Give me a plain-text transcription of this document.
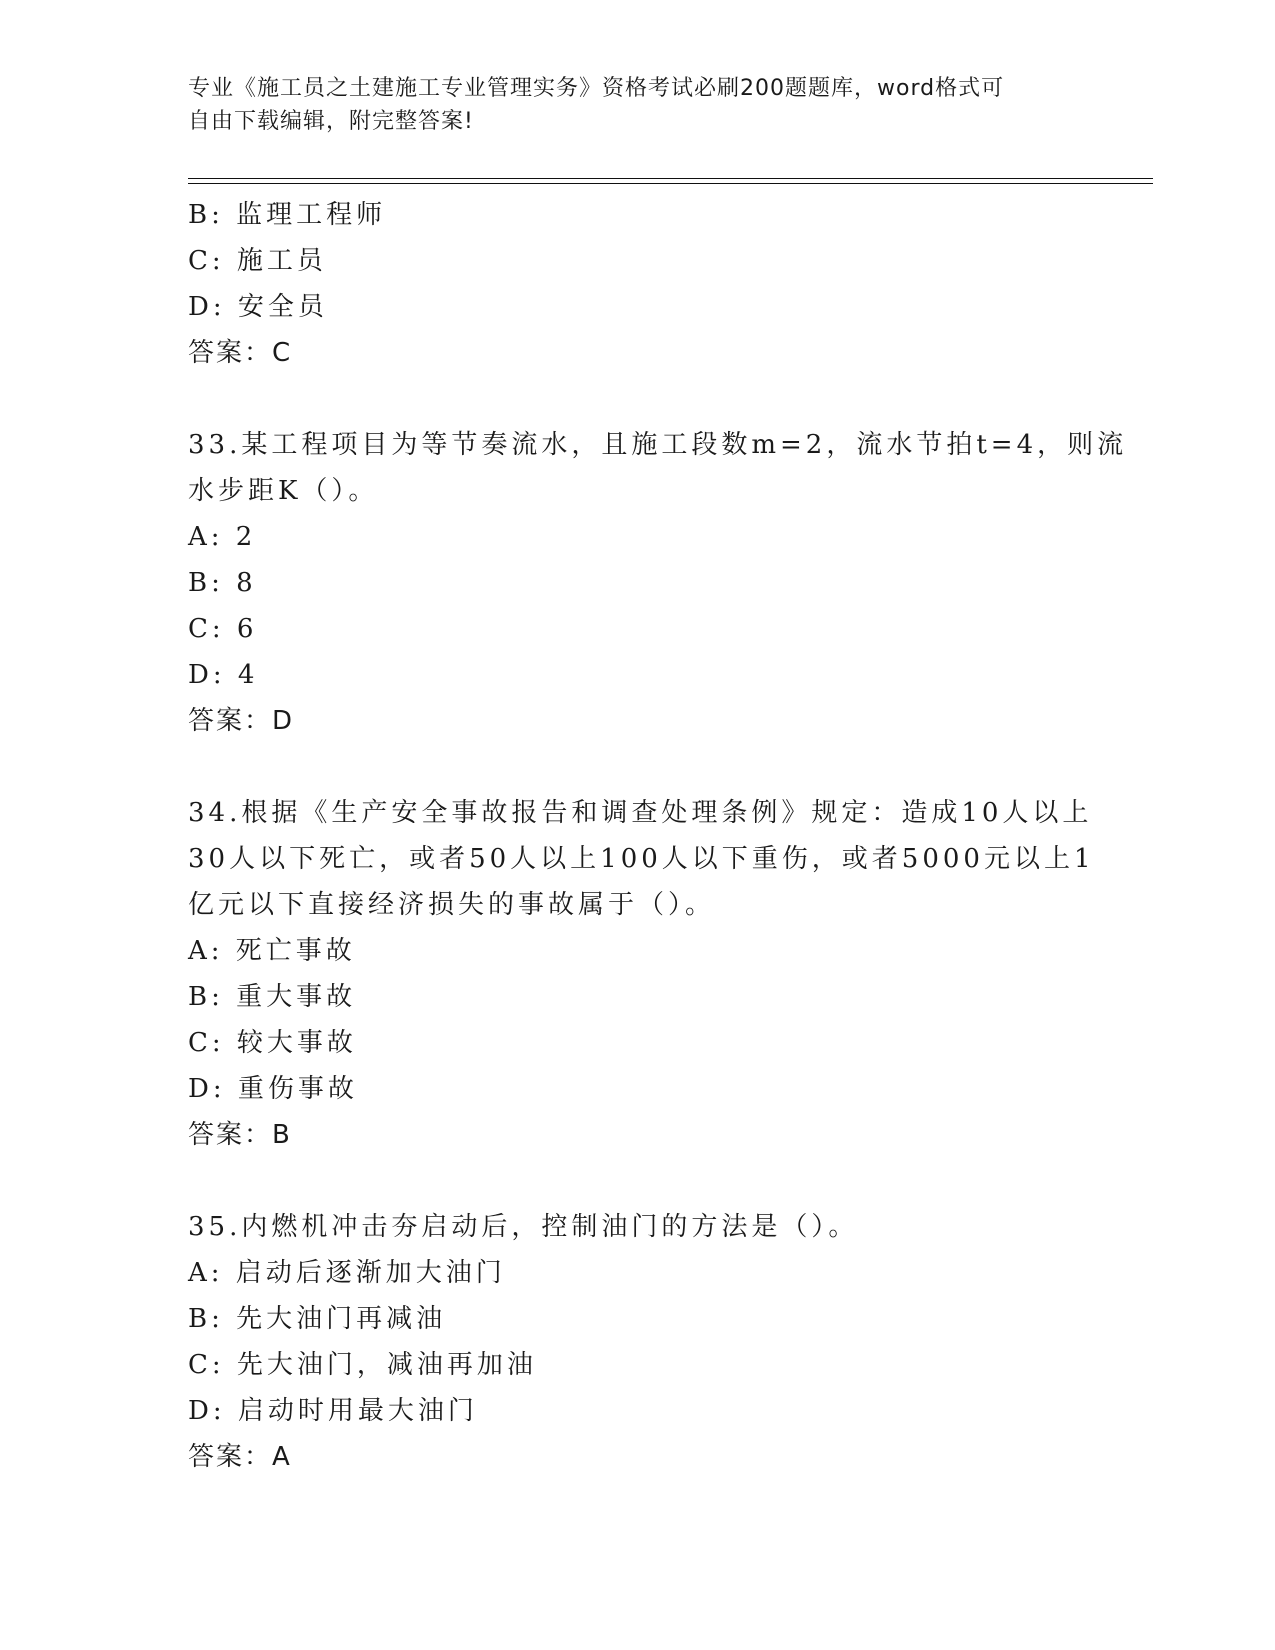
专业《施工员之土建施工专业管理实务》资格考试必刷200题题库，word格式可
自由下载编辑，附完整答案!
B: 监理工程师
C: 施工员
D: 安全员
答案：C
33.某工程项目为等节奏流水，且施工段数m=2，流水节拍t=4，则流
水步距K（）。
A: 2
B: 8
C: 6
D: 4
答案：D
34.根据《生产安全事故报告和调查处理条例》规定：造成10人以上
30人以下死亡，或者50人以上100人以下重伤，或者5000元以上1
亿元以下直接经济损失的事故属于（）。
A: 死亡事故
B: 重大事故
C: 较大事故
D: 重伤事故
答案：B
35.内燃机冲击夯启动后，控制油门的方法是（）。
A: 启动后逐渐加大油门
B: 先大油门再减油
C: 先大油门，减油再加油
D: 启动时用最大油门
答案：A
